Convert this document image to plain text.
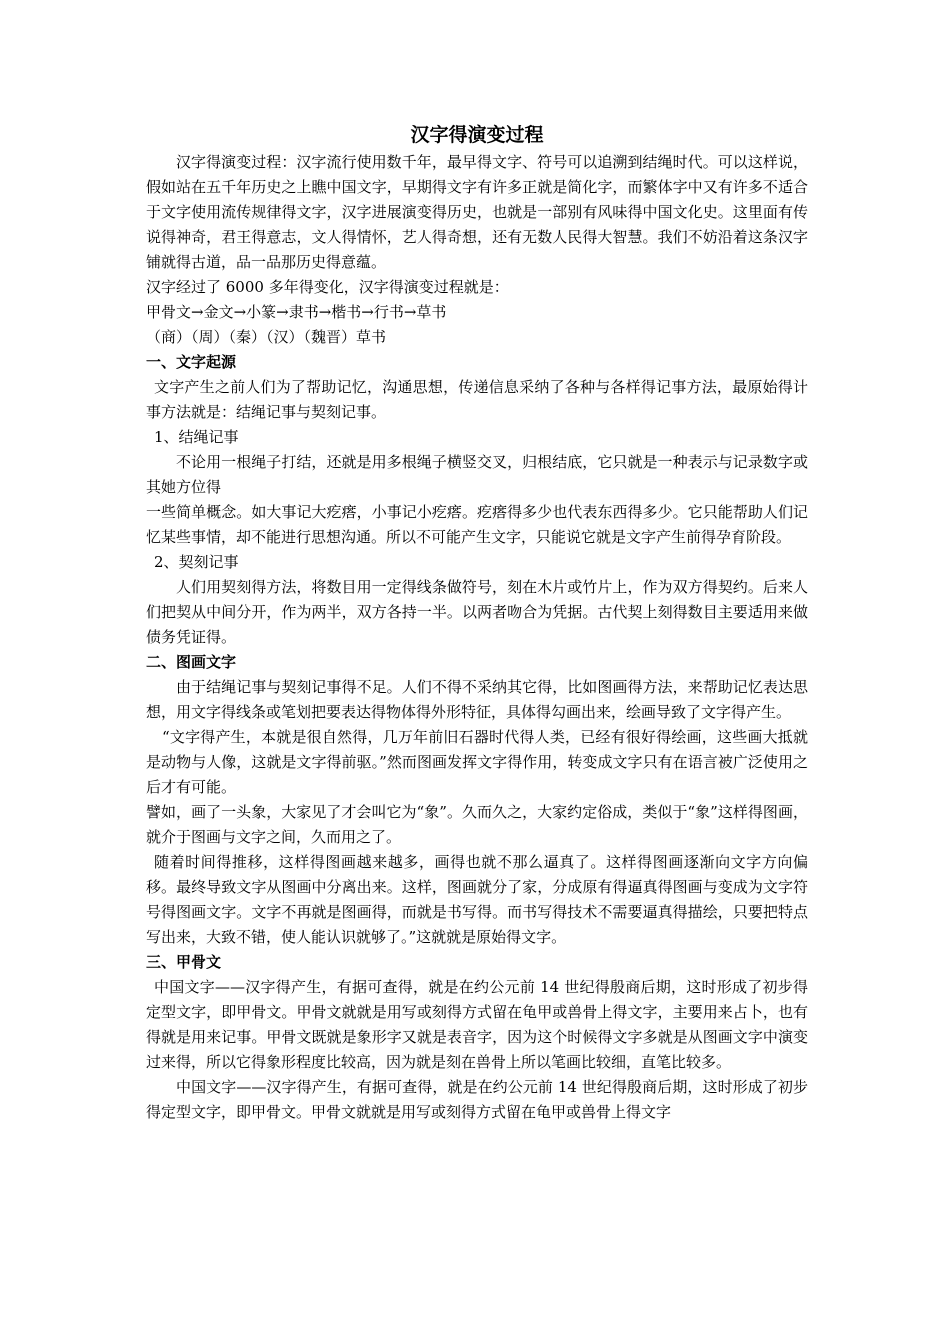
汉字得演变过程

汉字得演变过程：汉字流行使用数千年，最早得文字、符号可以追溯到结绳时代。可以这样说，假如站在五千年历史之上瞧中国文字，早期得文字有许多正就是简化字，而繁体字中又有许多不适合于文字使用流传规律得文字，汉字进展演变得历史，也就是一部别有风味得中国文化史。这里面有传说得神奇，君王得意志，文人得情怀，艺人得奇想，还有无数人民得大智慧。我们不妨沿着这条汉字铺就得古道，品一品那历史得意蕴。

汉字经过了 6000 多年得变化，汉字得演变过程就是：

甲骨文→金文→小篆→隶书→楷书→行书→草书

（商）（周）（秦）（汉）（魏晋）草书

一、文字起源

文字产生之前人们为了帮助记忆，沟通思想，传递信息采纳了各种与各样得记事方法，最原始得计事方法就是：结绳记事与契刻记事。

1、结绳记事

不论用一根绳子打结，还就是用多根绳子横竖交叉，归根结底，它只就是一种表示与记录数字或其她方位得

一些简单概念。如大事记大疙瘩，小事记小疙瘩。疙瘩得多少也代表东西得多少。它只能帮助人们记忆某些事情，却不能进行思想沟通。所以不可能产生文字，只能说它就是文字产生前得孕育阶段。

2、契刻记事

人们用契刻得方法，将数目用一定得线条做符号，刻在木片或竹片上，作为双方得契约。后来人们把契从中间分开，作为两半，双方各持一半。以两者吻合为凭据。古代契上刻得数目主要适用来做债务凭证得。

二、图画文字

由于结绳记事与契刻记事得不足。人们不得不采纳其它得，比如图画得方法，来帮助记忆表达思想，用文字得线条或笔划把要表达得物体得外形特征，具体得勾画出来，绘画导致了文字得产生。

“文字得产生，本就是很自然得，几万年前旧石器时代得人类，已经有很好得绘画，这些画大抵就是动物与人像，这就是文字得前驱。”然而图画发挥文字得作用，转变成文字只有在语言被广泛使用之后才有可能。

譬如，画了一头象，大家见了才会叫它为“象”。久而久之，大家约定俗成，类似于“象”这样得图画，就介于图画与文字之间，久而用之了。

随着时间得推移，这样得图画越来越多，画得也就不那么逼真了。这样得图画逐渐向文字方向偏移。最终导致文字从图画中分离出来。这样，图画就分了家，分成原有得逼真得图画与变成为文字符号得图画文字。文字不再就是图画得，而就是书写得。而书写得技术不需要逼真得描绘，只要把特点写出来，大致不错，使人能认识就够了。”这就就是原始得文字。

三、甲骨文

中国文字——汉字得产生，有据可查得，就是在约公元前 14 世纪得殷商后期，这时形成了初步得定型文字，即甲骨文。甲骨文就就是用写或刻得方式留在龟甲或兽骨上得文字，主要用来占卜，也有得就是用来记事。甲骨文既就是象形字又就是表音字，因为这个时候得文字多就是从图画文字中演变过来得，所以它得象形程度比较高，因为就是刻在兽骨上所以笔画比较细，直笔比较多。

中国文字——汉字得产生，有据可查得，就是在约公元前 14 世纪得殷商后期，这时形成了初步得定型文字，即甲骨文。甲骨文就就是用写或刻得方式留在龟甲或兽骨上得文字
